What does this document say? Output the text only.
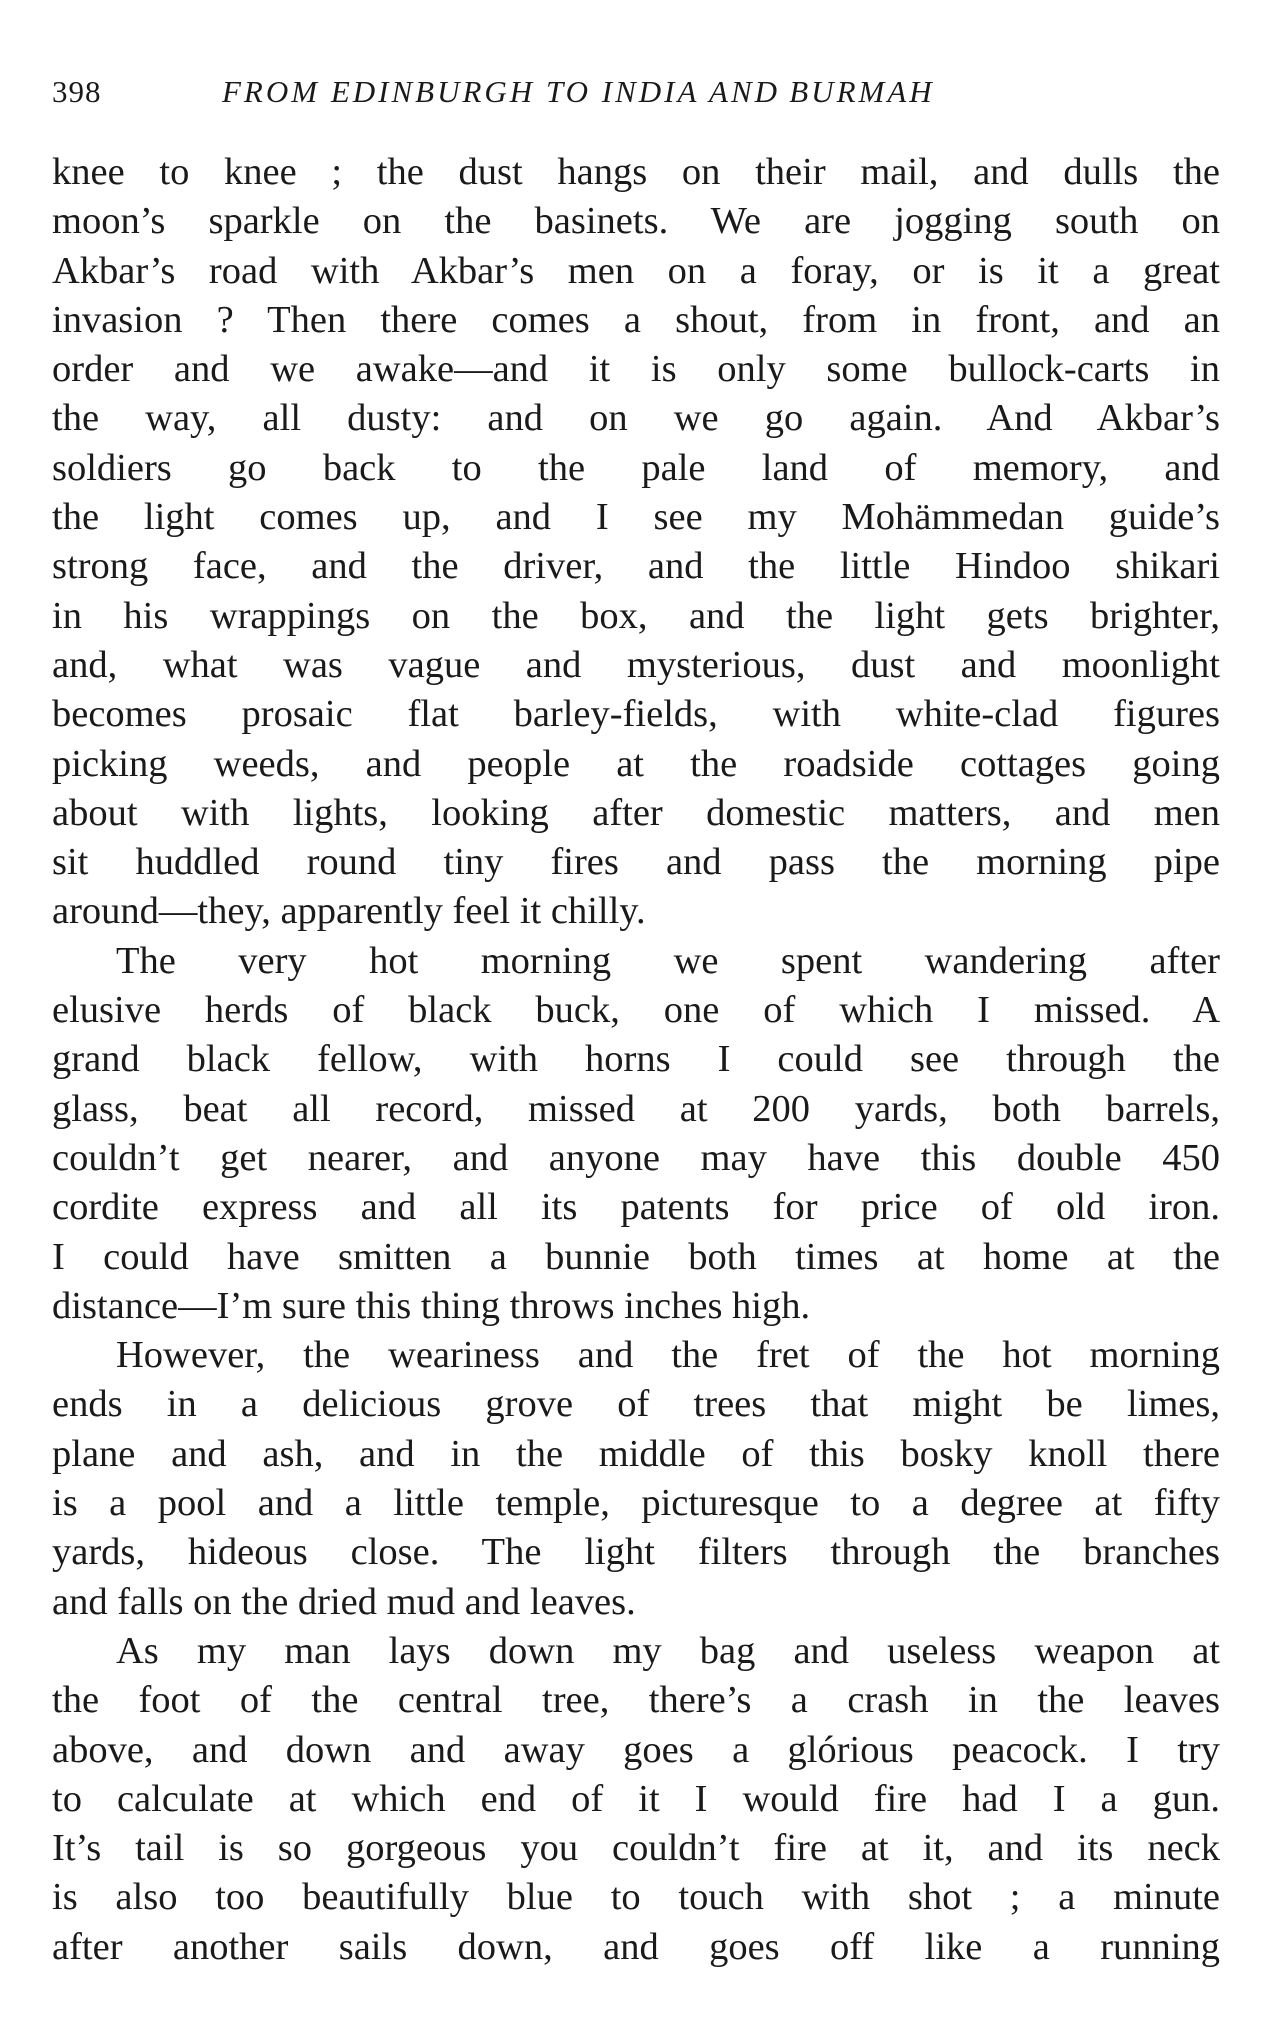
398	FROM EDINBURGH TO INDIA AND BURMAH
knee to knee ; the dust hangs on their mail, and dulls the
moon’s sparkle on the basinets. We are jogging south on
Akbar’s road with Akbar’s men on a foray, or is it a great
invasion ? Then there comes a shout, from in front, and an
order and we awake—and it is only some bullock-carts in
the way, all dusty: and on we go again. And Akbar’s
soldiers go back to the pale land of memory, and
the light comes up, and I see my Mohämmedan guide’s
strong face, and the driver, and the little Hindoo shikari
in his wrappings on the box, and the light gets brighter,
and, what was vague and mysterious, dust and moonlight
becomes prosaic flat barley-fields, with white-clad figures
picking weeds, and people at the roadside cottages going
about with lights, looking after domestic matters, and men
sit huddled round tiny fires and pass the morning pipe
around—they, apparently feel it chilly.
The very hot morning we spent wandering after
elusive herds of black buck, one of which I missed. A
grand black fellow, with horns I could see through the
glass, beat all record, missed at 200 yards, both barrels,
couldn’t get nearer, and anyone may have this double 450
cordite express and all its patents for price of old iron.
I could have smitten a bunnie both times at home at the
distance—I’m sure this thing throws inches high.
However, the weariness and the fret of the hot morning
ends in a delicious grove of trees that might be limes,
plane and ash, and in the middle of this bosky knoll there
is a pool and a little temple, picturesque to a degree at fifty
yards, hideous close. The light filters through the branches
and falls on the dried mud and leaves.
As my man lays down my bag and useless weapon at
the foot of the central tree, there’s a crash in the leaves
above, and down and away goes a glórious peacock. I try
to calculate at which end of it I would fire had I a gun.
It’s tail is so gorgeous you couldn’t fire at it, and its neck
is also too beautifully blue to touch with shot ; a minute
after another sails down, and goes off like a running
